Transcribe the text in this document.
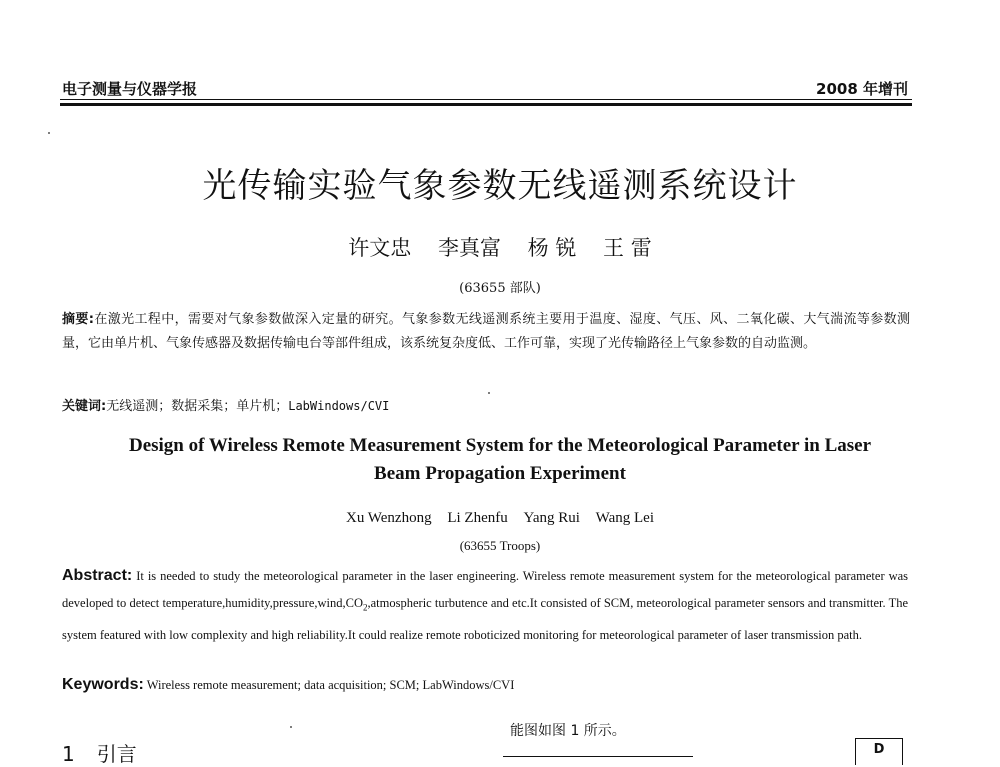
电子测量与仪器学报	2008 年增刊
光传输实验气象参数无线遥测系统设计
许文忠 李真富 杨 锐 王 雷
(63655 部队)
摘要:在激光工程中，需要对气象参数做深入定量的研究。气象参数无线遥测系统主要用于温度、湿度、气压、风、二氧化碳、大气湍流等参数测量，它由单片机、气象传感器及数据传输电台等部件组成，该系统复杂度低、工作可靠，实现了光传输路径上气象参数的自动监测。
关键词:无线遥测；数据采集；单片机；LabWindows/CVI
Design of Wireless Remote Measurement System for the Meteorological Parameter in Laser
Beam Propagation Experiment
Xu Wenzhong Li Zhenfu Yang Rui Wang Lei
(63655 Troops)
Abstract: It is needed to study the meteorological parameter in the laser engineering. Wireless remote measurement system for the meteorological parameter was developed to detect $temperature,humidity,pressure,wind,CO_2,atmospheric$ turbutence and etc.It consisted of SCM, meteorological parameter sensors and transmitter. The system featured with low complexity and high reliability.It could realize remote roboticized monitoring for meteorological parameter of laser transmission path.
Keywords: Wireless remote measurement; data acquisition; SCM; LabWindows/CVI
能图如图 1 所示。
1 引言	D
